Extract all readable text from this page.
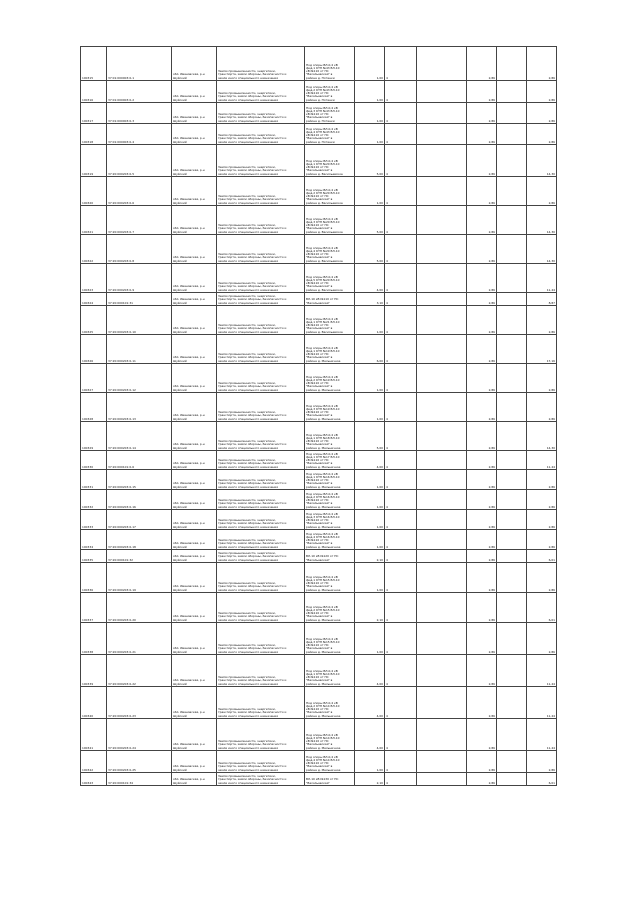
100315	37:01:000003:0-1	обл. Ивановская, р-н
Шуйский	Земли промышленности, энергетики,
транспорта, земли обороны, безопасности и
земли иного специального назначения	Под опоры ВЛ-0,4 кВ
фид.1 КТП №43 ВЛ-10
кВ №110 от ПС
"Васильевская" в
районе д. Потанки	1,00	4		2,86		2,86
100316	37:01:000003:0-2	обл. Ивановская, р-н
Шуйский	Земли промышленности, энергетики,
транспорта, земли обороны, безопасности и
земли иного специального назначения	Под опоры ВЛ-0,4 кВ
фид.2 КТП №43 ВЛ-10
кВ №110 от ПС
"Васильевская" в
районе д. Потанки	1,00	4		2,86		2,86
100317	37:01:000003:0-3	обл. Ивановская, р-н
Шуйский	Земли промышленности, энергетики,
транспорта, земли обороны, безопасности и
земли иного специального назначения	Под опоры ВЛ-0,4 кВ
фид.3 КТП №43 ВЛ-10
кВ №110 от ПС
"Васильевская" в
районе д. Потанки	1,00	4		2,86		2,86
100318	37:01:000003:0-4	обл. Ивановская, р-н
Шуйский	Земли промышленности, энергетики,
транспорта, земли обороны, безопасности и
земли иного специального назначения	Под опоры ВЛ-0,4 кВ
фид.4 КТП №43 ВЛ-10
кВ №110 от ПС
"Васильевская" в
районе д. Потанки	1,00	4		2,86		2,86
100319	37:20:000203:0-5	обл. Ивановская, р-н
Шуйский	Земли промышленности, энергетики,
транспорта, земли обороны, безопасности и
земли иного специального назначения	Под опоры ВЛ-0,4 кВ
фид.1 КТП №20 ВЛ-10
кВ №110 от ПС
"Васильевская" в
районе д. Васильевское	5,00	4		2,86		14,30
100320	37:20:000203:0-6	обл. Ивановская, р-н
Шуйский	Земли промышленности, энергетики,
транспорта, земли обороны, безопасности и
земли иного специального назначения	Под опоры ВЛ-0,4 кВ
фид.2 КТП №20 ВЛ-10
кВ №110 от ПС
"Васильевская" в
районе д. Васильевское	1,00	4		2,86		2,86
100321	37:20:000203:0-7	обл. Ивановская, р-н
Шуйский	Земли промышленности, энергетики,
транспорта, земли обороны, безопасности и
земли иного специального назначения	Под опоры ВЛ-0,4 кВ
фид.3 КТП №20 ВЛ-10
кВ №110 от ПС
"Васильевская" в
районе д. Васильевское	5,00	4		2,86		14,30
100322	37:20:000203:0-8	обл. Ивановская, р-н
Шуйский	Земли промышленности, энергетики,
транспорта, земли обороны, безопасности и
земли иного специального назначения	Под опоры ВЛ-0,4 кВ
фид.4 КТП №20 ВЛ-10
кВ №110 от ПС
"Васильевская" в
районе д. Васильевское	5,00	4		2,86		14,30
100323	37:20:000203:0-9	обл. Ивановская, р-н
Шуйский	Земли промышленности, энергетики,
транспорта, земли обороны, безопасности и
земли иного специального назначения	Под опоры ВЛ-0,4 кВ
фид.5 КТП №20 ВЛ-10
кВ №110 от ПС
"Васильевская" в
районе д. Васильевское	4,00	4		2,86		11,44
100324	37:20:000101:31	обл. Ивановская, р-н
Шуйский	Земли промышленности, энергетики,
транспорта, земли обороны, безопасности и
земли иного специального назначения	ВЛ-10 кВ №110 от ПС
"Васильевская"	3,10	4		2,86		8,87
100325	37:20:000203:0-10	обл. Ивановская, р-н
Шуйский	Земли промышленности, энергетики,
транспорта, земли обороны, безопасности и
земли иного специального назначения	Под опоры ВЛ-0,4 кВ
фид.1 КТП №21 ВЛ-10
кВ №110 от ПС
"Васильевская" в
районе д. Васильевское	1,00	4		2,86		2,86
100326	37:20:000203:0-11	обл. Ивановская, р-н
Шуйский	Земли промышленности, энергетики,
транспорта, земли обороны, безопасности и
земли иного специального назначения	Под опоры ВЛ-0,4 кВ
фид.1 КТП №19 ВЛ-10
кВ №110 от ПС
"Васильевская" в
районе д. Мельничное	6,00	4		2,86		17,16
100327	37:20:000203:0-12	обл. Ивановская, р-н
Шуйский	Земли промышленности, энергетики,
транспорта, земли обороны, безопасности и
земли иного специального назначения	Под опоры ВЛ-0,4 кВ
фид.2 КТП №19 ВЛ-10
кВ №110 от ПС
"Васильевская" в
районе д. Мельничное	1,00	4		2,86		2,86
100328	37:20:000203:0-13	обл. Ивановская, р-н
Шуйский	Земли промышленности, энергетики,
транспорта, земли обороны, безопасности и
земли иного специального назначения	Под опоры ВЛ-0,4 кВ
фид.3 КТП №19 ВЛ-10
кВ №110 от ПС
"Васильевская" в
районе д. Мельничное	1,00	4		2,86		2,86
100329	37:20:000203:0-14	обл. Ивановская, р-н
Шуйский	Земли промышленности, энергетики,
транспорта, земли обороны, безопасности и
земли иного специального назначения	Под опоры ВЛ-0,4 кВ
фид.1 КТП №18 ВЛ-10
кВ №110 от ПС
"Васильевская" в
районе д. Мельничное	5,00	4		2,86		14,30
100330	37:20:000101:0-6	обл. Ивановская, р-н
Шуйский	Земли промышленности, энергетики,
транспорта, земли обороны, безопасности и
земли иного специального назначения	Под опоры ВЛ-0,4 кВ
фид.1 КТП №17 ВЛ-10
кВ №110 от ПС
"Васильевская" в
районе д. Мельничное	4,00	4		2,86		11,44
100331	37:20:000203:0-15	обл. Ивановская, р-н
Шуйский	Земли промышленности, энергетики,
транспорта, земли обороны, безопасности и
земли иного специального назначения	Под опоры ВЛ-0,4 кВ
фид.1 КТП №16 ВЛ-10
кВ №110 от ПС
"Васильевская" в
районе д. Мельничное	1,00	4		2,86		2,86
100332	37:20:000203:0-16	обл. Ивановская, р-н
Шуйский	Земли промышленности, энергетики,
транспорта, земли обороны, безопасности и
земли иного специального назначения	Под опоры ВЛ-0,4 кВ
фид.2 КТП №16 ВЛ-10
кВ №110 от ПС
"Васильевская" в
районе д. Мельничное	1,00	4		2,86		2,86
100333	37:20:000203:0-17	обл. Ивановская, р-н
Шуйский	Земли промышленности, энергетики,
транспорта, земли обороны, безопасности и
земли иного специального назначения	Под опоры ВЛ-0,4 кВ
фид.3 КТП №16 ВЛ-10
кВ №110 от ПС
"Васильевская" в
районе д. Мельничное	1,00	4		2,86		2,86
100334	37:20:000203:0-18	обл. Ивановская, р-н
Шуйский	Земли промышленности, энергетики,
транспорта, земли обороны, безопасности и
земли иного специального назначения	Под опоры ВЛ-0,4 кВ
фид.4 КТП №16 ВЛ-10
кВ №110 от ПС
"Васильевская" в
районе д. Мельничное	1,00	4		2,86		2,86
100335	37:20:000101:32	обл. Ивановская, р-н
Шуйский	Земли промышленности, энергетики,
транспорта, земли обороны, безопасности и
земли иного специального назначения	ВЛ-10 кВ №120 от ПС
"Васильевская"	2,10	4		2,86		6,01
100336	37:20:000203:0-19	обл. Ивановская, р-н
Шуйский	Земли промышленности, энергетики,
транспорта, земли обороны, безопасности и
земли иного специального назначения	Под опоры ВЛ-0,4 кВ
фид.1 КТП №15 ВЛ-10
кВ №110 от ПС
"Васильевская" в
районе д. Мельничное	1,00	4		2,86		2,86
100337	37:20:000203:0-20	обл. Ивановская, р-н
Шуйский	Земли промышленности, энергетики,
транспорта, земли обороны, безопасности и
земли иного специального назначения	Под опоры ВЛ-0,4 кВ
фид.2 КТП №15 ВЛ-10
кВ №110 от ПС
"Васильевская" в
районе д. Мельничное	2,10	4		2,86		6,01
100338	37:20:000203:0-21	обл. Ивановская, р-н
Шуйский	Земли промышленности, энергетики,
транспорта, земли обороны, безопасности и
земли иного специального назначения	Под опоры ВЛ-0,4 кВ
фид.3 КТП №15 ВЛ-10
кВ №110 от ПС
"Васильевская" в
районе д. Мельничное	1,00	4		2,86		2,86
100339	37:20:000203:0-22	обл. Ивановская, р-н
Шуйский	Земли промышленности, энергетики,
транспорта, земли обороны, безопасности и
земли иного специального назначения	Под опоры ВЛ-0,4 кВ
фид.1 КТП №14 ВЛ-10
кВ №110 от ПС
"Васильевская" в
районе д. Мельничное	4,00	4		2,86		11,44
100340	37:20:000203:0-23	обл. Ивановская, р-н
Шуйский	Земли промышленности, энергетики,
транспорта, земли обороны, безопасности и
земли иного специального назначения	Под опоры ВЛ-0,4 кВ
фид.2 КТП №14 ВЛ-10
кВ №110 от ПС
"Васильевская" в
районе д. Мельничное	4,00	4		2,86		11,44
100341	37:20:000203:0-24	обл. Ивановская, р-н
Шуйский	Земли промышленности, энергетики,
транспорта, земли обороны, безопасности и
земли иного специального назначения	Под опоры ВЛ-0,4 кВ
фид.3 КТП №14 ВЛ-10
кВ №110 от ПС
"Васильевская" в
районе д. Мельничное	4,00	4		2,86		11,44
100342	37:20:000203:0-25	обл. Ивановская, р-н
Шуйский	Земли промышленности, энергетики,
транспорта, земли обороны, безопасности и
земли иного специального назначения	Под опоры ВЛ-0,4 кВ
фид.4 КТП №14 ВЛ-10
кВ №110 от ПС
"Васильевская" в
районе д. Мельничное	1,00	4		2,86		2,86
100343	37:20:000101:34	обл. Ивановская, р-н
Шуйский	Земли промышленности, энергетики,
транспорта, земли обороны, безопасности и
земли иного специального назначения	ВЛ-10 кВ №130 от ПС
"Васильевская"	2,10	4		2,86		6,01
